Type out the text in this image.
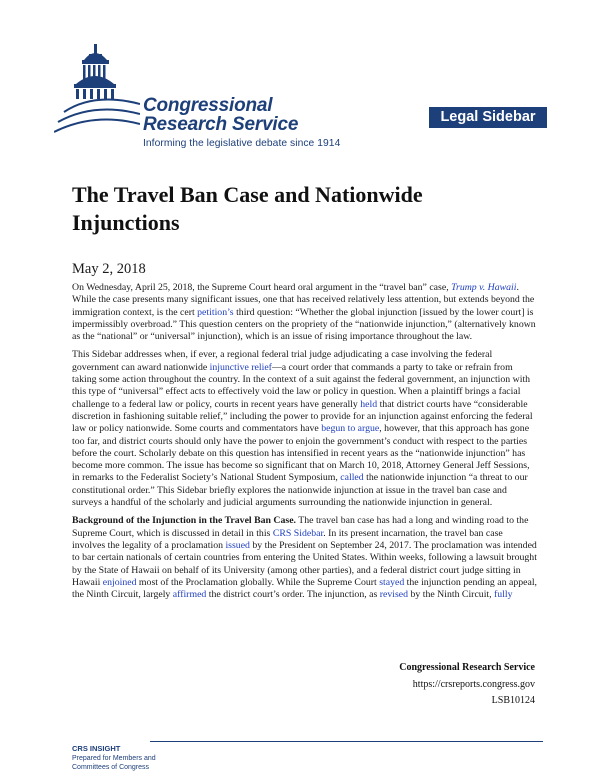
Congressional
Research Service
Informing the legislative debate since 1914
Legal Sidebar
The Travel Ban Case and Nationwide Injunctions
May 2, 2018

On Wednesday, April 25, 2018, the Supreme Court heard oral argument in the “travel ban” case, Trump v. Hawaii. While the case presents many significant issues, one that has received relatively less attention, but extends beyond the immigration context, is the cert petition’s third question: “Whether the global injunction [issued by the lower court] is impermissibly overbroad.” This question centers on the propriety of the “nationwide injunction,” (alternatively known as the “national” or “universal” injunction), which is an issue of rising importance throughout the law.

This Sidebar addresses when, if ever, a regional federal trial judge adjudicating a case involving the federal government can award nationwide injunctive relief—a court order that commands a party to take or refrain from taking some action throughout the country. In the context of a suit against the federal government, an injunction with this type of “universal” effect acts to effectively void the law or policy in question. When a plaintiff brings a facial challenge to a federal law or policy, courts in recent years have generally held that district courts have “considerable discretion in fashioning suitable relief,” including the power to provide for an injunction against enforcing the federal law or policy nationwide. Some courts and commentators have begun to argue, however, that this approach has gone too far, and district courts should only have the power to enjoin the government’s conduct with respect to the parties before the court. Scholarly debate on this question has intensified in recent years as the “nationwide injunction” has become more common. The issue has become so significant that on March 10, 2018, Attorney General Jeff Sessions, in remarks to the Federalist Society’s National Student Symposium, called the nationwide injunction “a threat to our constitutional order.” This Sidebar briefly explores the nationwide injunction at issue in the travel ban case and surveys a handful of the scholarly and judicial arguments surrounding the nationwide injunction in general.

Background of the Injunction in the Travel Ban Case. The travel ban case has had a long and winding road to the Supreme Court, which is discussed in detail in this CRS Sidebar. In its present incarnation, the travel ban case involves the legality of a proclamation issued by the President on September 24, 2017. The proclamation was intended to bar certain nationals of certain countries from entering the United States. Within weeks, following a lawsuit brought by the State of Hawaii on behalf of its University (among other parties), and a federal district court judge sitting in Hawaii enjoined most of the Proclamation globally. While the Supreme Court stayed the injunction pending an appeal, the Ninth Circuit, largely affirmed the district court’s order. The injunction, as revised by the Ninth Circuit, fully

Congressional Research Service
https://crsreports.congress.gov
LSB10124
CRS INSIGHT
Prepared for Members and
Committees of Congress
